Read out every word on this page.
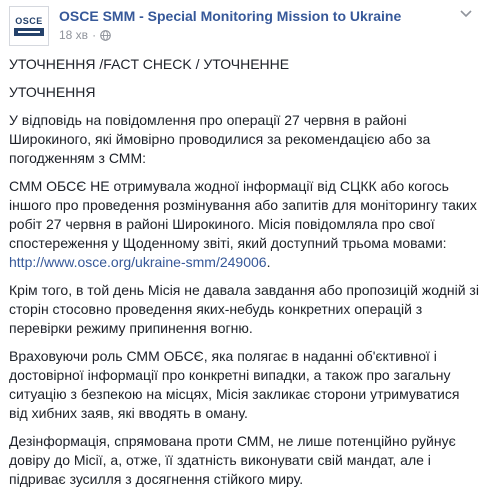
OSCE OSCE SMM - Special Monitoring Mission to Ukraine
18 хв ·

УТОЧНЕННЯ /FACT CHECK / УТОЧНЕННЕ

УТОЧНЕННЯ

У відповідь на повідомлення про операції 27 червня в районі Широкиного, які ймовірно проводилися за рекомендацією або за погодженням з СММ:

СММ ОБСЄ НЕ отримувала жодної інформації від СЦКК або когось іншого про проведення розмінування або запитів для моніторингу таких робіт 27 червня в районі Широкиного. Місія повідомляла про свої спостереження у Щоденному звіті, який доступний трьома мовами: http://www.osce.org/ukraine-smm/249006.

Крім того, в той день Місія не давала завдання або пропозицій жодній зі сторін стосовно проведення яких-небудь конкретних операцій з перевірки режиму припинення вогню.

Враховуючи роль СММ ОБСЄ, яка полягає в наданні об'єктивної і достовірної інформації про конкретні випадки, а також про загальну ситуацію з безпекою на місцях, Місія закликає сторони утримуватися від хибних заяв, які вводять в оману.

Дезінформація, спрямована проти СММ, не лише потенційно руйнує довіру до Місії, а, отже, її здатність виконувати свій мандат, але і підриває зусилля з досягнення стійкого миру.
